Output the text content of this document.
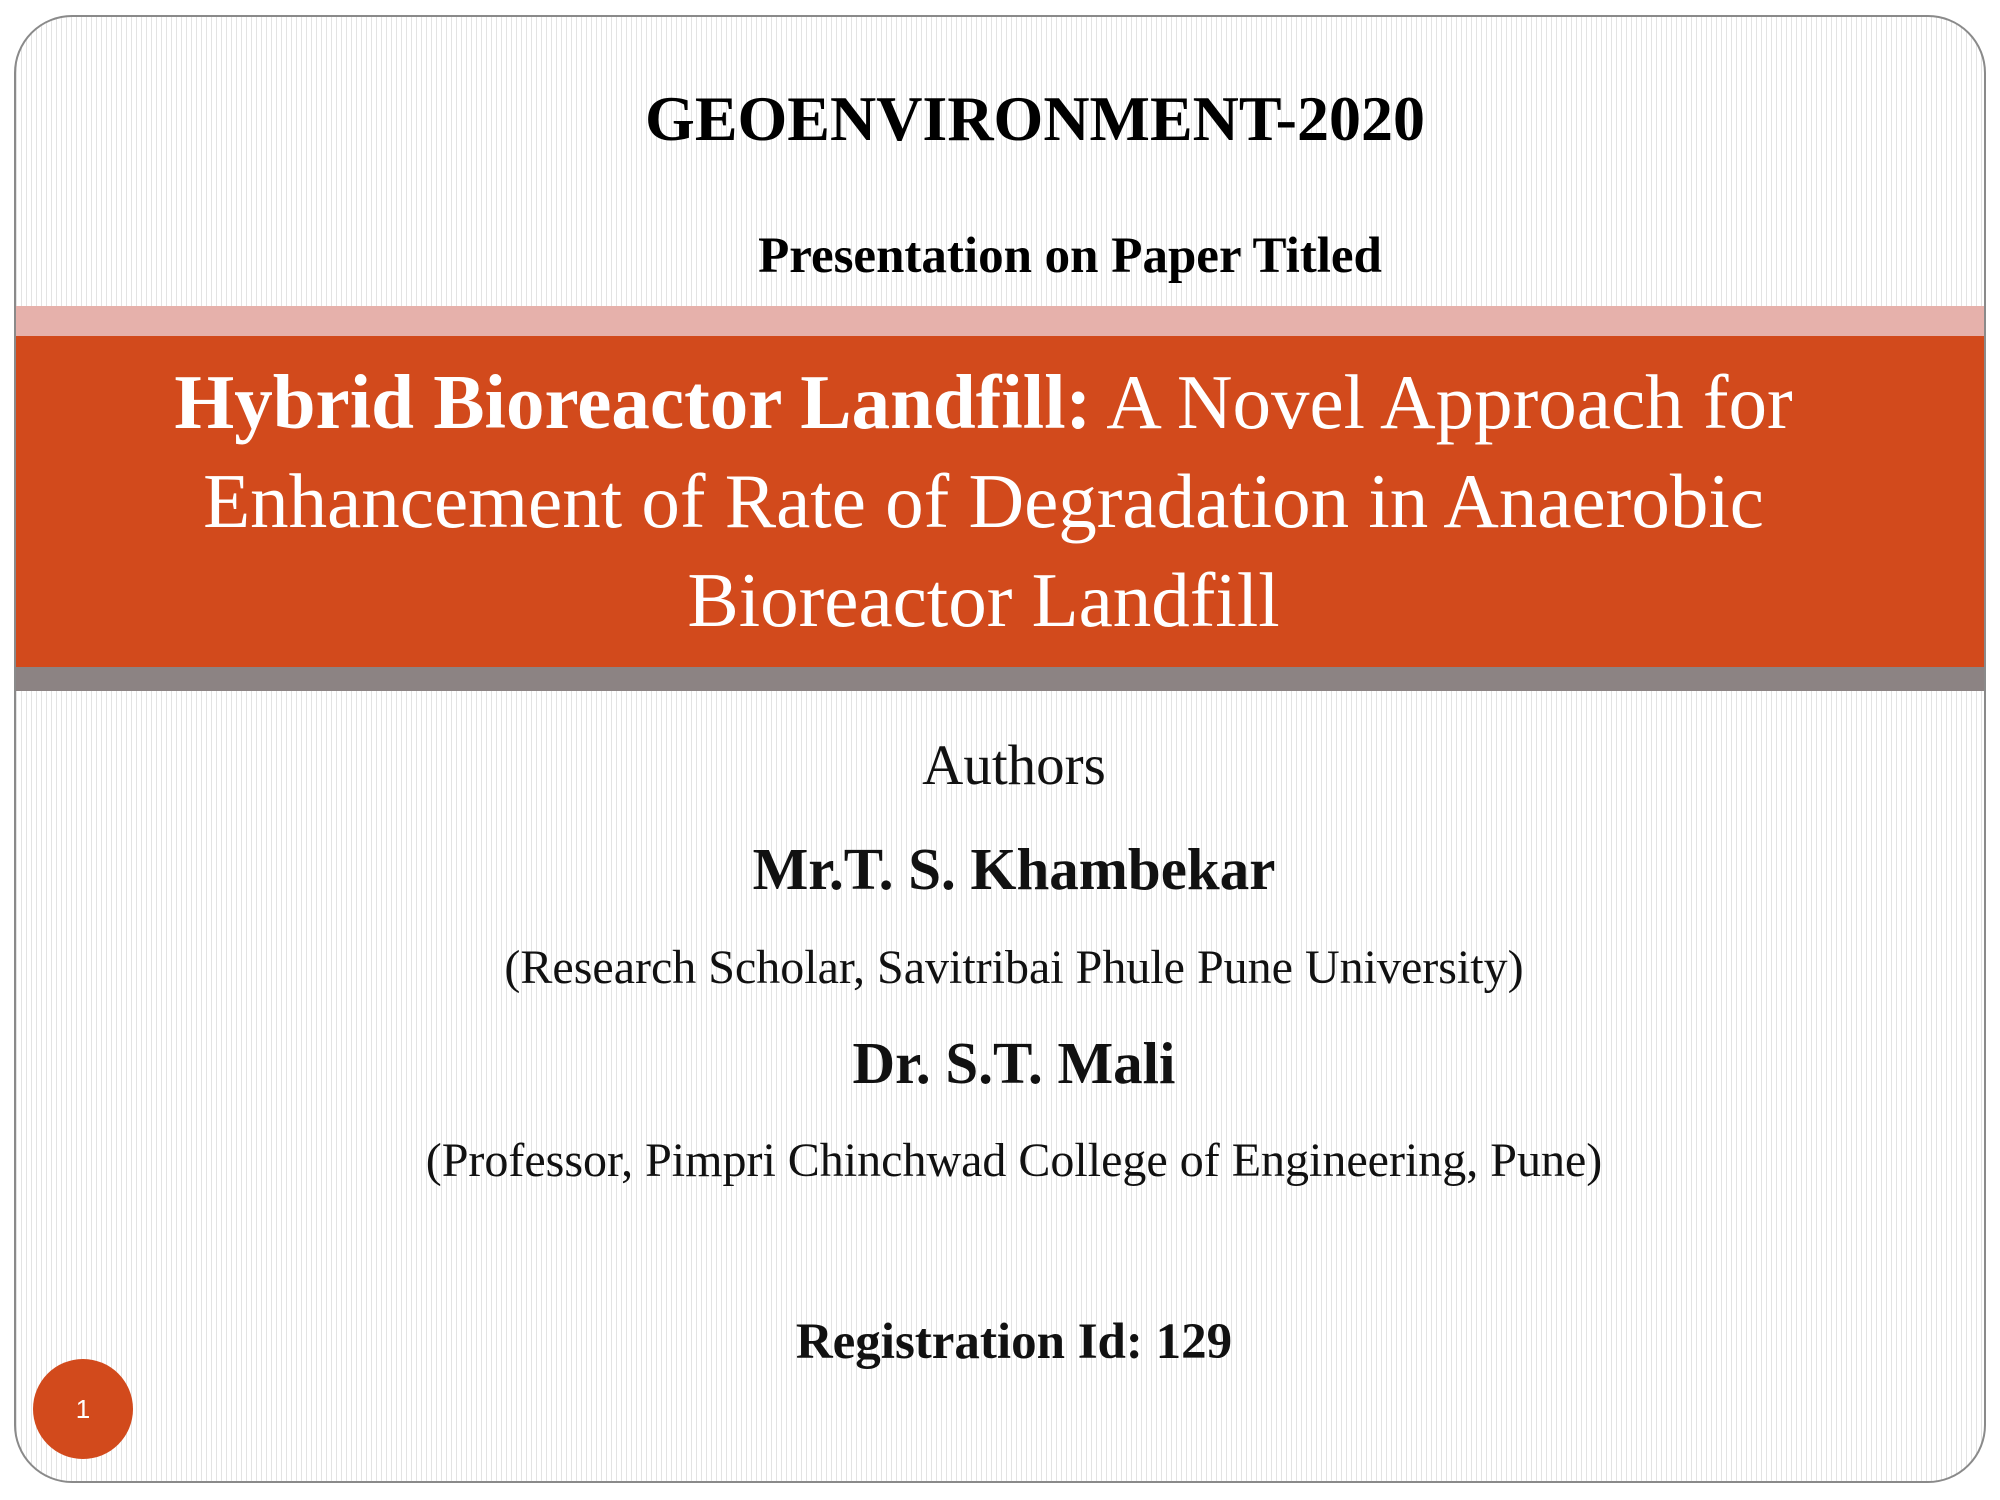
GEOENVIRONMENT-2020
Presentation on Paper Titled
Hybrid Bioreactor Landfill: A Novel Approach for
Enhancement of Rate of Degradation in Anaerobic
Bioreactor Landfill
Authors
Mr.T. S. Khambekar
(Research Scholar, Savitribai Phule Pune University)
Dr. S.T. Mali
(Professor, Pimpri Chinchwad College of Engineering, Pune)
Registration Id: 129
1
